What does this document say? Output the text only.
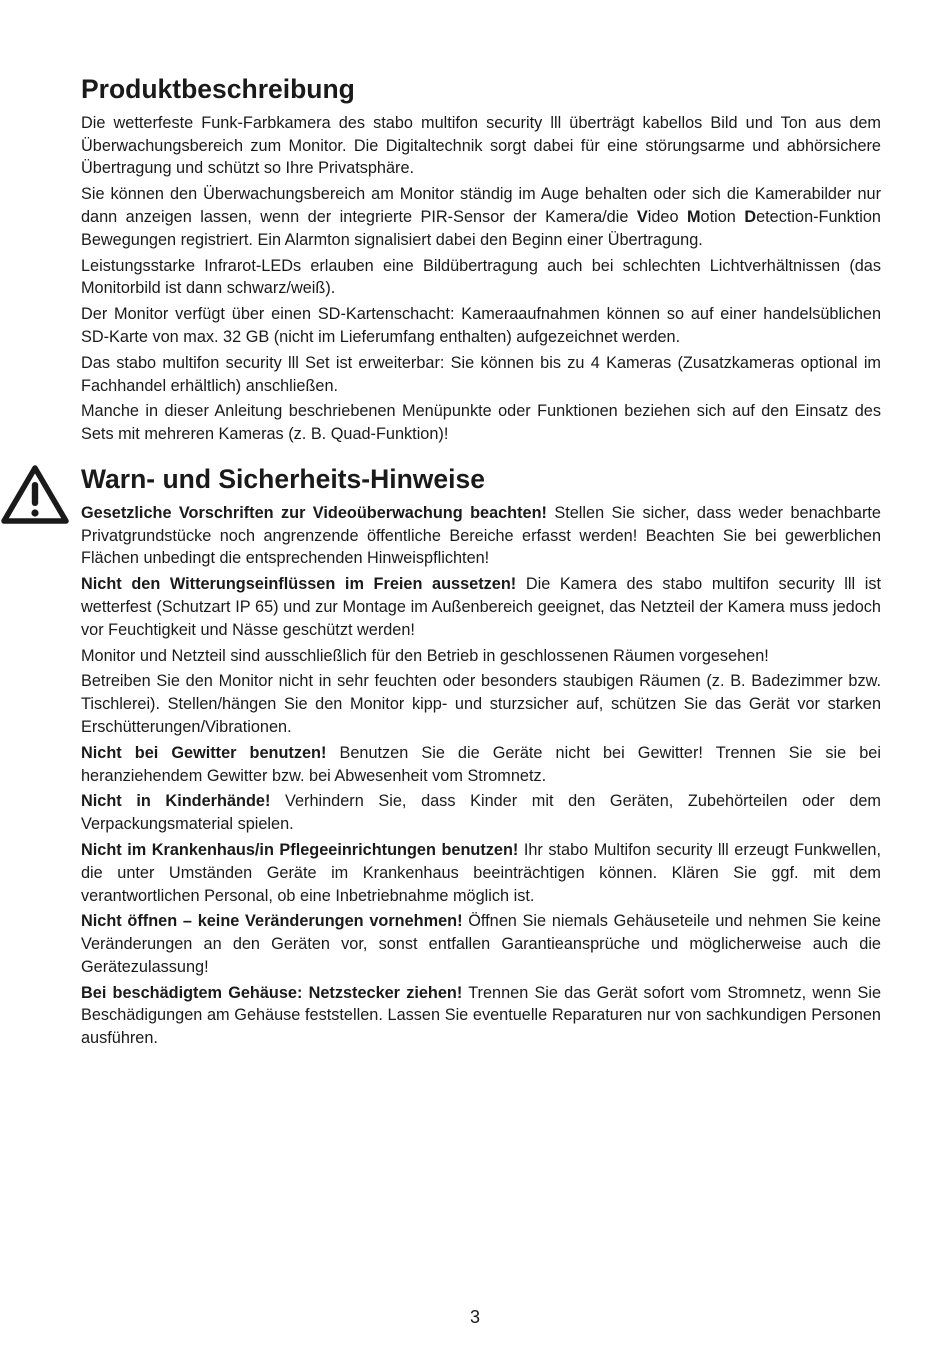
Produktbeschreibung

Die wetterfeste Funk-Farbkamera des stabo multifon security lll überträgt kabellos Bild und Ton aus dem Überwachungsbereich zum Monitor. Die Digitaltechnik sorgt dabei für eine störungsarme und abhörsichere Übertragung und schützt so Ihre Privatsphäre.

Sie können den Überwachungsbereich am Monitor ständig im Auge behalten oder sich die Kamerabilder nur dann anzeigen lassen, wenn der integrierte PIR-Sensor der Kamera/die Video Motion Detection-Funktion Bewegungen registriert. Ein Alarmton signalisiert dabei den Beginn einer Übertragung.

Leistungsstarke Infrarot-LEDs erlauben eine Bildübertragung auch bei schlechten Lichtverhältnissen (das Monitorbild ist dann schwarz/weiß).

Der Monitor verfügt über einen SD-Kartenschacht: Kameraaufnahmen können so auf einer handelsüblichen SD-Karte von max. 32 GB (nicht im Lieferumfang enthalten) aufgezeichnet werden.

Das stabo multifon security lll Set ist erweiterbar: Sie können bis zu 4 Kameras (Zusatzkameras optional im Fachhandel erhältlich) anschließen.

Manche in dieser Anleitung beschriebenen Menüpunkte oder Funktionen beziehen sich auf den Einsatz des Sets mit mehreren Kameras (z. B. Quad-Funktion)!

Warn- und Sicherheits-Hinweise

Gesetzliche Vorschriften zur Videoüberwachung beachten! Stellen Sie sicher, dass weder benachbarte Privatgrundstücke noch angrenzende öffentliche Bereiche erfasst werden! Beachten Sie bei gewerblichen Flächen unbedingt die entsprechenden Hinweispflichten!

Nicht den Witterungseinflüssen im Freien aussetzen! Die Kamera des stabo multifon security lll ist wetterfest (Schutzart IP 65) und zur Montage im Außenbereich geeignet, das Netzteil der Kamera muss jedoch vor Feuchtigkeit und Nässe geschützt werden!

Monitor und Netzteil sind ausschließlich für den Betrieb in geschlossenen Räumen vorgesehen!

Betreiben Sie den Monitor nicht in sehr feuchten oder besonders staubigen Räumen (z. B. Badezimmer bzw. Tischlerei). Stellen/hängen Sie den Monitor kipp- und sturzsicher auf, schützen Sie das Gerät vor starken Erschütterungen/Vibrationen.

Nicht bei Gewitter benutzen! Benutzen Sie die Geräte nicht bei Gewitter! Trennen Sie sie bei heranziehendem Gewitter bzw. bei Abwesenheit vom Stromnetz.

Nicht in Kinderhände! Verhindern Sie, dass Kinder mit den Geräten, Zubehörteilen oder dem Verpackungsmaterial spielen.

Nicht im Krankenhaus/in Pflegeeinrichtungen benutzen! Ihr stabo Multifon security lll erzeugt Funkwellen, die unter Umständen Geräte im Krankenhaus beeinträchtigen können. Klären Sie ggf. mit dem verantwortlichen Personal, ob eine Inbetriebnahme möglich ist.

Nicht öffnen – keine Veränderungen vornehmen! Öffnen Sie niemals Gehäuseteile und nehmen Sie keine Veränderungen an den Geräten vor, sonst entfallen Garantieansprüche und möglicherweise auch die Gerätezulassung!

Bei beschädigtem Gehäuse: Netzstecker ziehen! Trennen Sie das Gerät sofort vom Stromnetz, wenn Sie Beschädigungen am Gehäuse feststellen. Lassen Sie eventuelle Reparaturen nur von sachkundigen Personen ausführen.

3
